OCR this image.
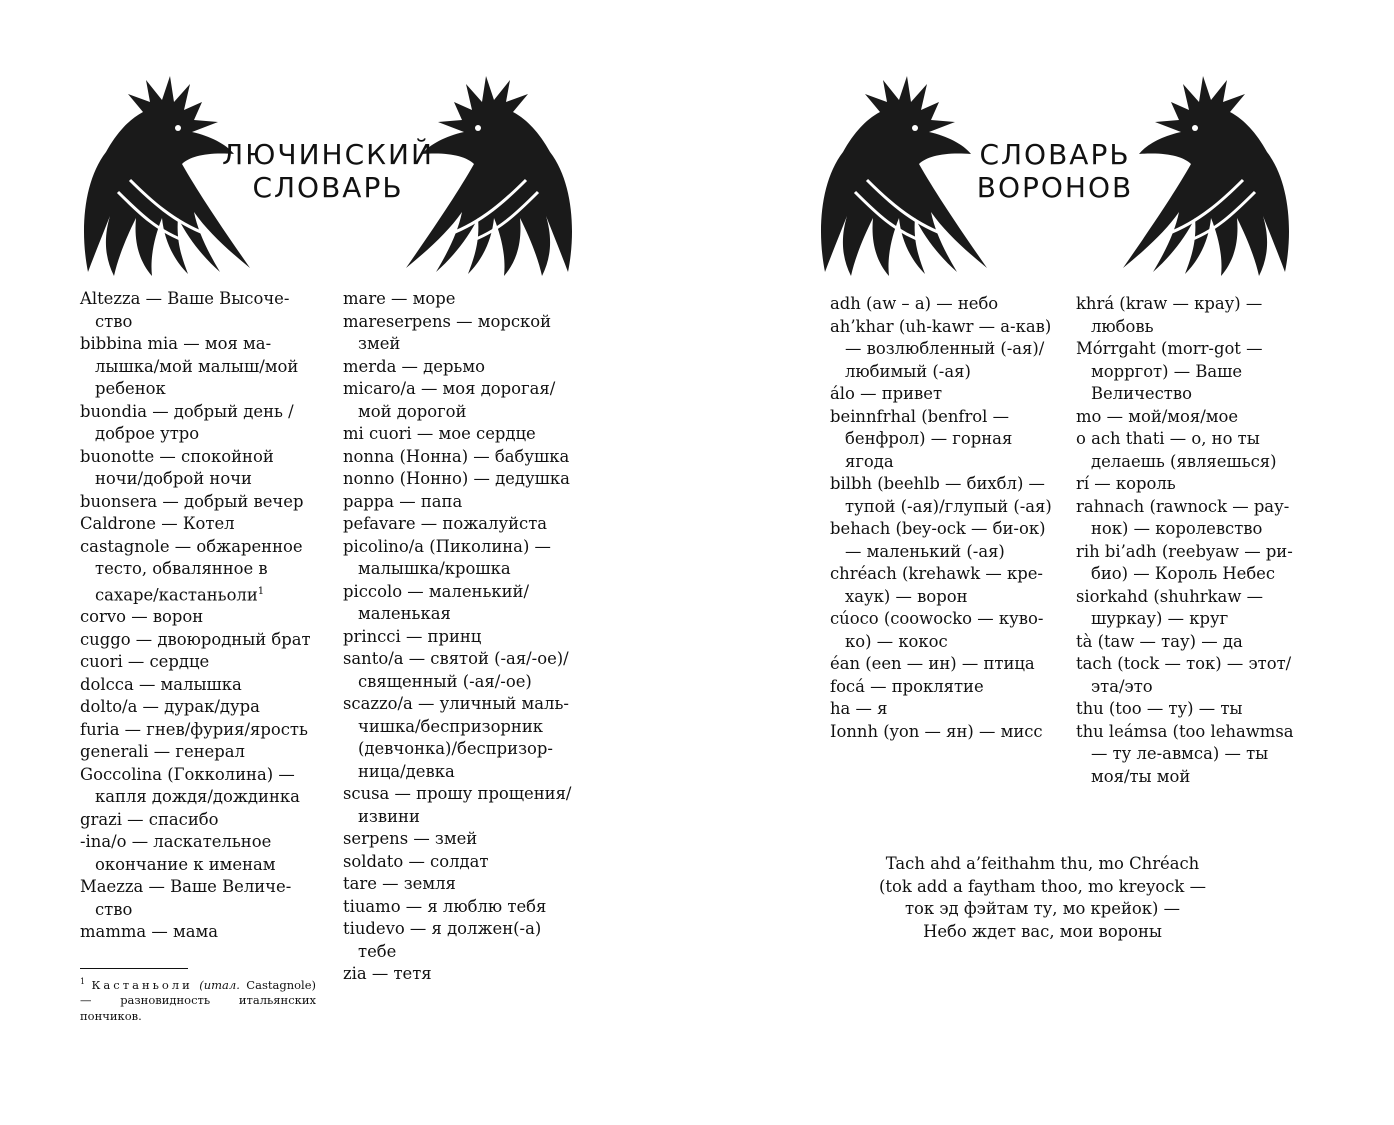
ЛЮЧИНСКИЙ
СЛОВАРЬ
Altezza — Ваше Высочество
bibbina mia — моя малышка/мой малыш/мой ребенок
buondia — добрый день / доброе утро
buonotte — спокойной ночи/доброй ночи
buonsera — добрый вечер
Caldrone — Котел
castagnole — обжаренное тесто, обвалянное в сахаре/кастаньоли$^1$
corvo — ворон
cuggo — двоюродный брат
cuori — сердце
dolcca — малышка
dolto/a — дурак/дура
furia — гнев/фурия/ярость
generali — генерал
Goccolina (Гокколина) — капля дождя/дождинка
grazi — спасибо
-ina/o — ласкательное окончание к именам
Maezza — Ваше Величество
mamma — мама
mare — море
mareserpens — морской змей
merda — дерьмо
micaro/a — моя дорогая/мой дорогой
mi cuori — мое сердце
nonna (Нонна) — бабушка
nonno (Нонно) — дедушка
pappa — папа
pefavare — пожалуйста
picolino/a (Пиколина) — малышка/крошка
piccolo — маленький/маленькая
princci — принц
santo/a — святой (-ая/-ое)/священный (-ая/-ое)
scazzo/a — уличный мальчишка/беспризорник (девчонка)/беспризорница/девка
scusa — прошу прощения/извини
serpens — змей
soldato — солдат
tare — земля
tiuamo — я люблю тебя
tiudevo — я должен(-а) тебе
zia — тетя
$^1$ Кастаньоли (итал. Castagnole) — разновидность итальянских пончиков.
СЛОВАРЬ
ВОРОНОВ
adh (aw – a) — небо
ah’khar (uh-kawr — а-кав) — возлюбленный (-ая)/любимый (-ая)
álo — привет
beinnfrhal (benfrol — бенфрол) — горная ягода
bilbh (beehlb — бихбл) — тупой (-ая)/глупый (-ая)
behach (bey-ock — би-ок) — маленький (-ая)
chréach (krehawk — крехаук) — ворон
cúoco (coowocko — кувоко) — кокос
éan (een — ин) — птица
focá — проклятие
ha — я
Ionnh (yon — ян) — мисс
khrá (kraw — крау) — любовь
Mórrgaht (morr-got — морргот) — Ваше Величество
mo — мой/моя/мое
o ach thati — о, но ты делаешь (являешься)
rí — король
rahnach (rawnock — раунок) — королевство
rih bi’adh (reebyaw — рибио) — Король Небес
siorkahd (shuhrkaw — шуркау) — круг
tà (taw — тау) — да
tach (tock — ток) — этот/эта/это
thu (too — ту) — ты
thu leámsa (too lehawmsa — ту ле-авмса) — ты моя/ты мой
Tach ahd a’feithahm thu, mo Chréach
(tok add a faytham thoo, mo kreyock —
ток эд фэйтам ту, мо крейок) —
Небо ждет вас, мои вороны
